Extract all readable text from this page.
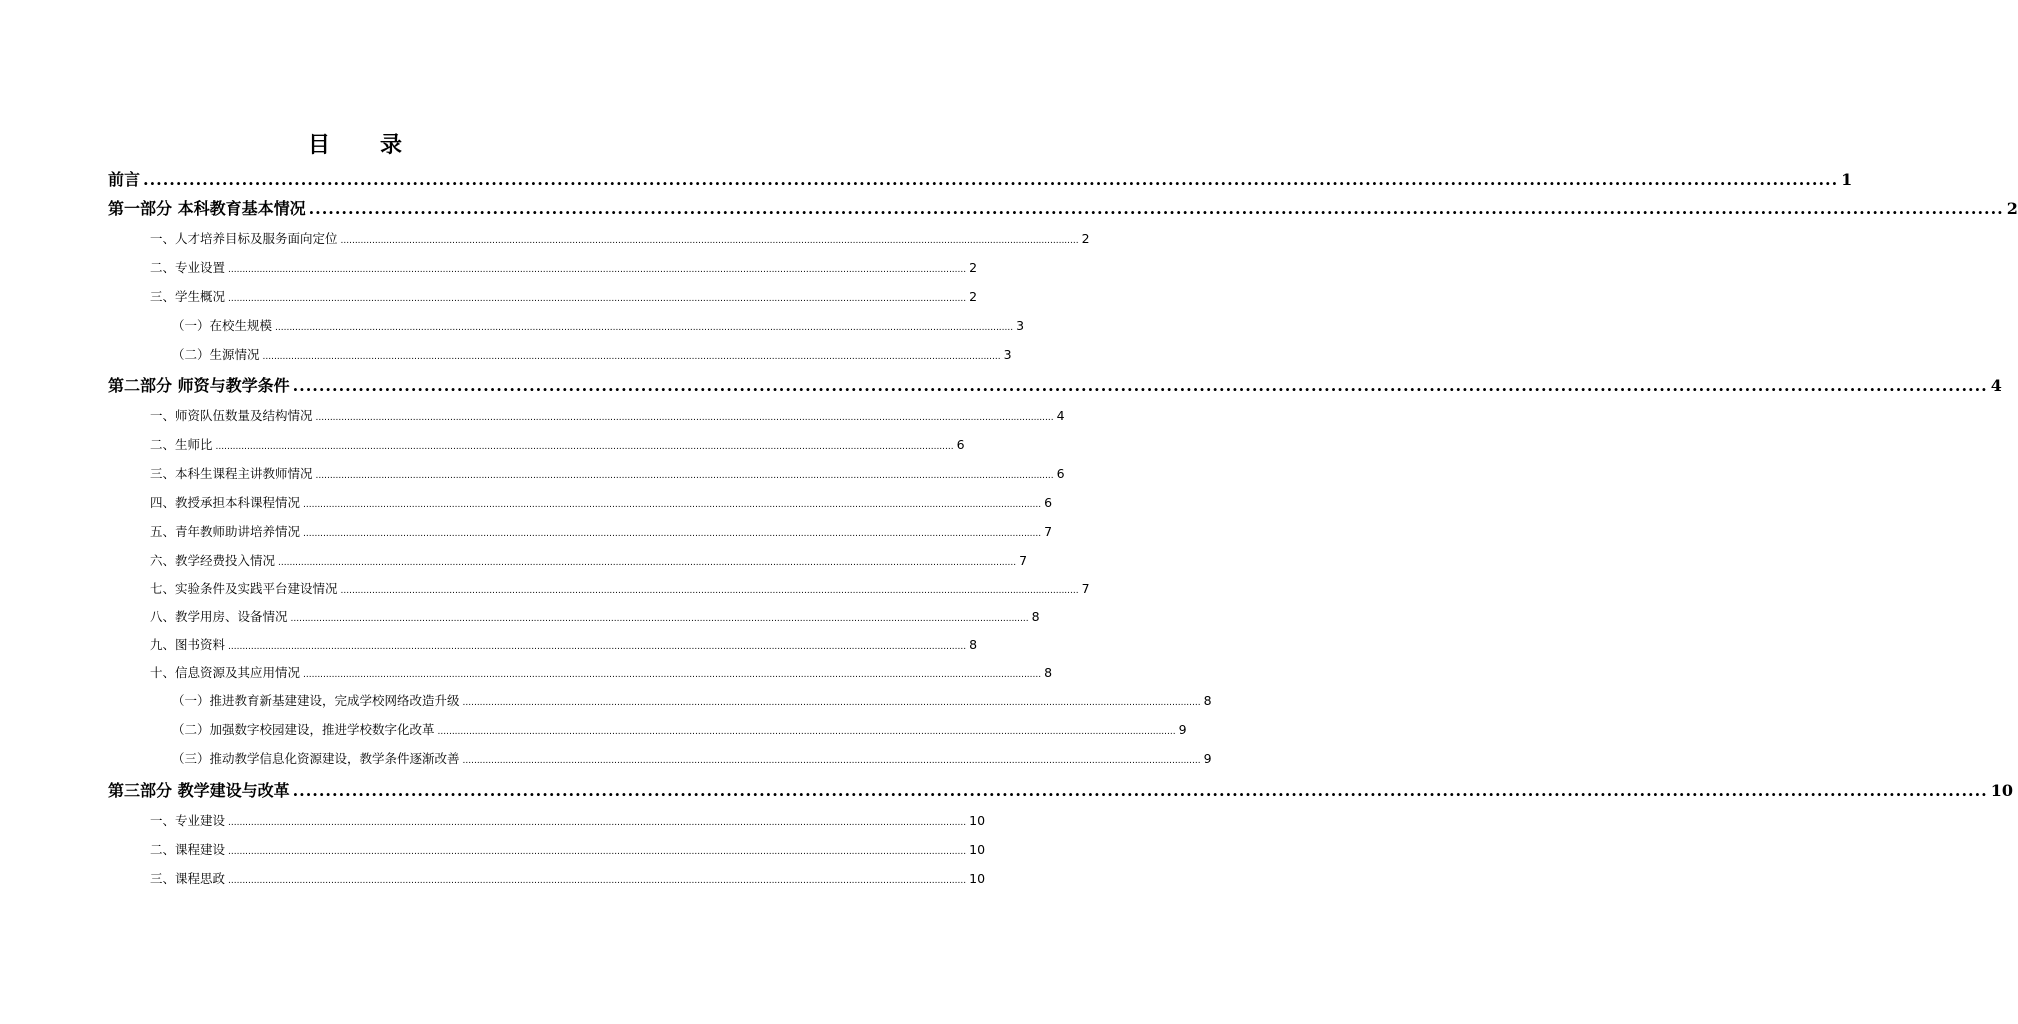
目　录
前言 .................................................................................................................................................................................................................................................................. 1
第一部分 本科教育基本情况 .................................................................................................................................................................................................................................................................. 2
一、人才培养目标及服务面向定位 .................................................................................................................................................................................................................................................................. 2
二、专业设置 .................................................................................................................................................................................................................................................................. 2
三、学生概况 .................................................................................................................................................................................................................................................................. 2
（一）在校生规模 .................................................................................................................................................................................................................................................................. 3
（二）生源情况 .................................................................................................................................................................................................................................................................. 3
第二部分 师资与教学条件 .................................................................................................................................................................................................................................................................. 4
一、师资队伍数量及结构情况 .................................................................................................................................................................................................................................................................. 4
二、生师比 .................................................................................................................................................................................................................................................................. 6
三、本科生课程主讲教师情况 .................................................................................................................................................................................................................................................................. 6
四、教授承担本科课程情况 .................................................................................................................................................................................................................................................................. 6
五、青年教师助讲培养情况 .................................................................................................................................................................................................................................................................. 7
六、教学经费投入情况 .................................................................................................................................................................................................................................................................. 7
七、实验条件及实践平台建设情况 .................................................................................................................................................................................................................................................................. 7
八、教学用房、设备情况 .................................................................................................................................................................................................................................................................. 8
九、图书资料 .................................................................................................................................................................................................................................................................. 8
十、信息资源及其应用情况 .................................................................................................................................................................................................................................................................. 8
（一）推进教育新基建建设，完成学校网络改造升级 .................................................................................................................................................................................................................................................................. 8
（二）加强数字校园建设，推进学校数字化改革 .................................................................................................................................................................................................................................................................. 9
（三）推动教学信息化资源建设，教学条件逐渐改善 .................................................................................................................................................................................................................................................................. 9
第三部分 教学建设与改革 .................................................................................................................................................................................................................................................................. 10
一、专业建设 .................................................................................................................................................................................................................................................................. 10
二、课程建设 .................................................................................................................................................................................................................................................................. 10
三、课程思政 .................................................................................................................................................................................................................................................................. 10
